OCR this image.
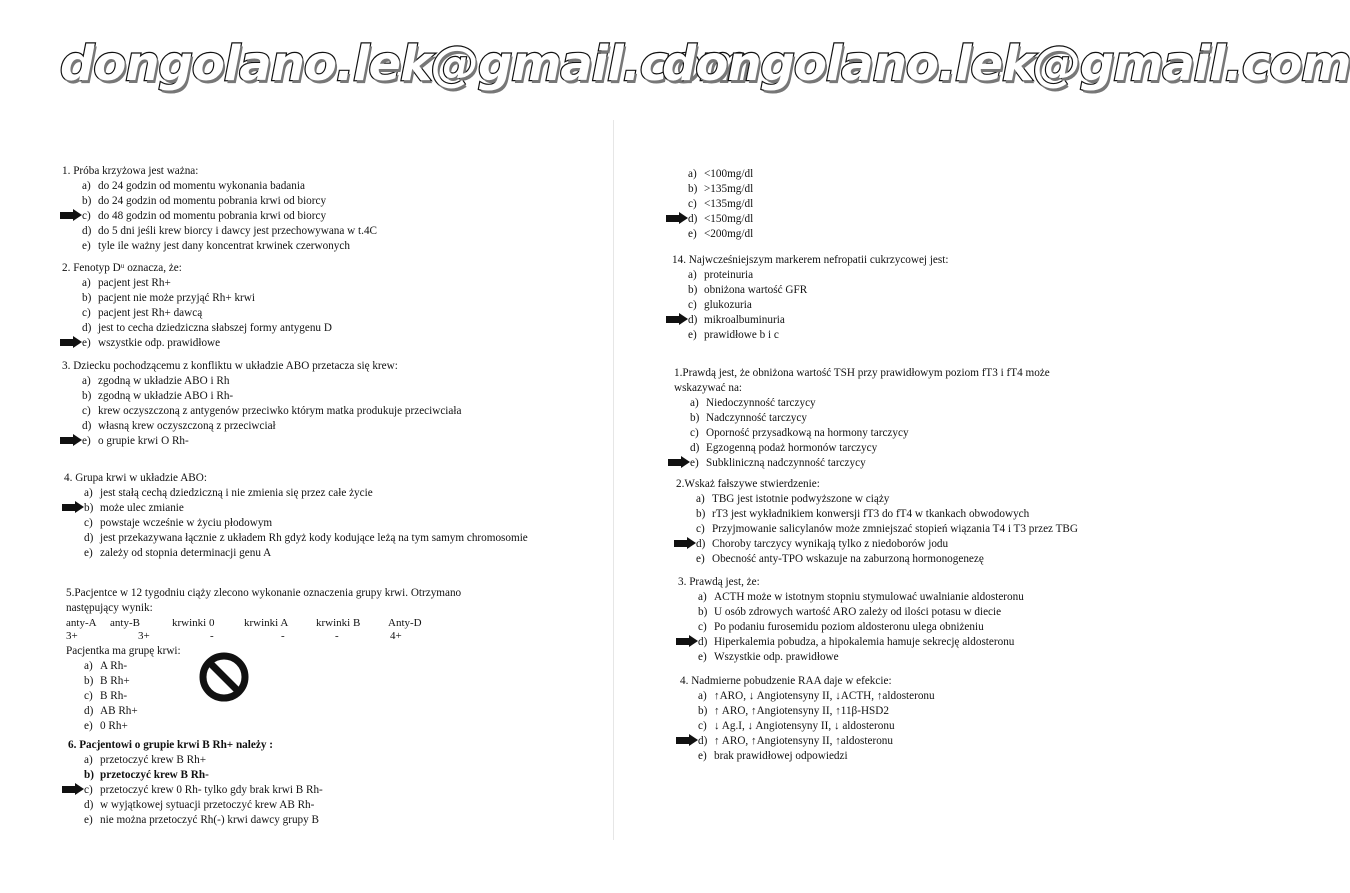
dongolano.lek@gmail.com

1. Próba krzyżowa jest ważna:

a) do 24 godzin od momentu wykonania badania
b) do 24 godzin od momentu pobrania krwi od biorcy
c) do 48 godzin od momentu pobrania krwi od biorcy
d) do 5 dni jeśli krew biorcy i dawcy jest przechowywana w t.4C
e) tyle ile ważny jest dany koncentrat krwinek czerwonych

2. Fenotyp Dᵘ oznacza, że:

a) pacjent jest Rh+
b) pacjent nie może przyjąć Rh+ krwi
c) pacjent jest Rh+ dawcą
d) jest to cecha dziedziczna słabszej formy antygenu D
e) wszystkie odp. prawidłowe

3. Dziecku pochodzącemu z konfliktu w układzie ABO przetacza się krew:

a) zgodną w układzie ABO i Rh
b) zgodną w układzie ABO i Rh-
c) krew oczyszczoną z antygenów przeciwko którym matka produkuje przeciwciała
d) własną krew oczyszczoną z przeciwciał
e) o grupie krwi O Rh-

4. Grupa krwi w układzie ABO:

a) jest stałą cechą dziedziczną i nie zmienia się przez całe życie
b) może ulec zmianie
c) powstaje wcześnie w życiu płodowym
d) jest przekazywana łącznie z układem Rh gdyż kody kodujące leżą na tym samym chromosomie
e) zależy od stopnia determinacji genu A

5.Pacjentce w 12 tygodniu ciąży zlecono wykonanie oznaczenia grupy krwi. Otrzymano następujący wynik:

anty-A anty-B	krwinki 0	krwinki A	krwinki B	Anty-D
3+	3+	-	-	-	4+

Pacjentka ma grupę krwi:

a) A Rh-
b) B Rh+
c) B Rh-
d) AB Rh+
e) 0 Rh+

6. Pacjentowi o grupie krwi B Rh+ należy :

a) przetoczyć krew B Rh+
b) przetoczyć krew B Rh-
c) przetoczyć krew 0 Rh- tylko gdy brak krwi B Rh-
d) w wyjątkowej sytuacji przetoczyć krew AB Rh-
e) nie można przetoczyć Rh(-) krwi dawcy grupy B
dongolano.lek@gmail.com
a) <100mg/dl
b) >135mg/dl
c) <135mg/dl
d) <150mg/dl
e) <200mg/dl

14. Najwcześniejszym markerem nefropatii cukrzycowej jest:

a) proteinuria
b) obniżona wartość GFR
c) glukozuria
d) mikroalbuminuria
e) prawidłowe b i c

1.Prawdą jest, że obniżona wartość TSH przy prawidłowym poziom fT3 i fT4 może wskazywać na:

a) Niedoczynność tarczycy
b) Nadczynność tarczycy
c) Oporność przysadkową na hormony tarczycy
d) Egzogenną podaż hormonów tarczycy
e) Subkliniczną nadczynność tarczycy

2.Wskaż fałszywe stwierdzenie:

a) TBG jest istotnie podwyższone w ciąży
b) rT3 jest wykładnikiem konwersji fT3 do fT4 w tkankach obwodowych
c) Przyjmowanie salicylanów może zmniejszać stopień wiązania T4 i T3 przez TBG
d) Choroby tarczycy wynikają tylko z niedoborów jodu
e) Obecność anty-TPO wskazuje na zaburzoną hormonogenezę

3. Prawdą jest, że:

a) ACTH może w istotnym stopniu stymulować uwalnianie aldosteronu
b) U osób zdrowych wartość ARO zależy od ilości potasu w diecie
c) Po podaniu furosemidu poziom aldosteronu ulega obniżeniu
d) Hiperkalemia pobudza, a hipokalemia hamuje sekrecję aldosteronu
e) Wszystkie odp. prawidłowe

4. Nadmierne pobudzenie RAA daje w efekcie:

a) ↑ARO, ↓ Angiotensyny II, ↓ACTH, ↑aldosteronu
b) ↑ ARO, ↑Angiotensyny II, ↑11β-HSD2
c) ↓ Ag.I, ↓ Angiotensyny II, ↓ aldosteronu
d) ↑ ARO, ↑Angiotensyny II, ↑aldosteronu
e) brak prawidłowej odpowiedzi
